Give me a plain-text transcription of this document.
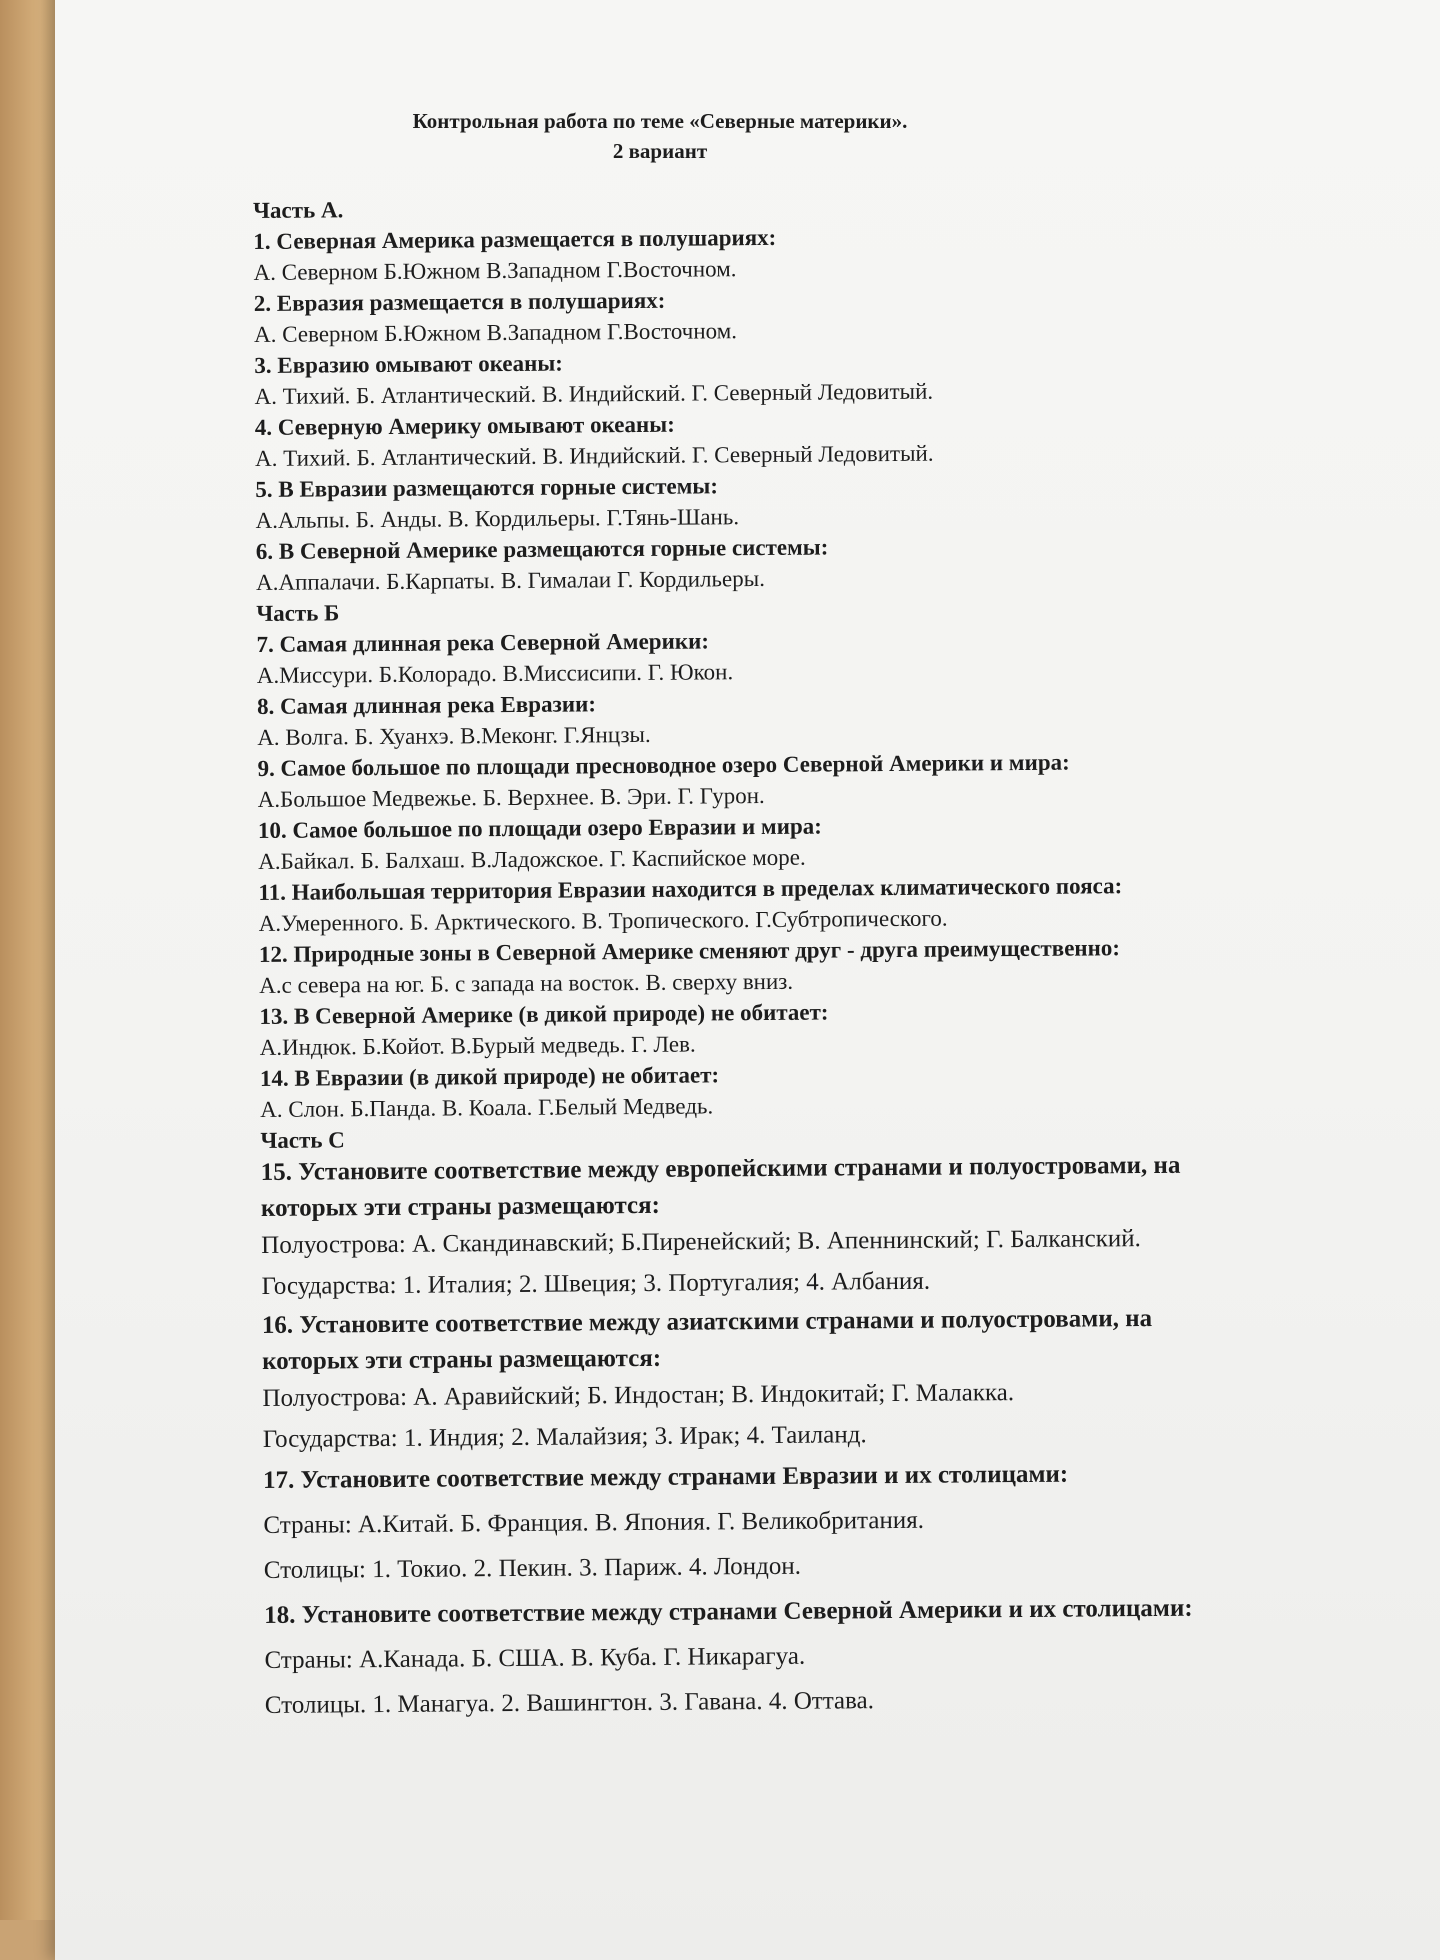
Контрольная работа по теме «Северные материки».
2 вариант
Часть А.
1. Северная Америка размещается в полушариях:
А. Северном Б.Южном В.Западном Г.Восточном.
2. Евразия размещается в полушариях:
А. Северном Б.Южном В.Западном Г.Восточном.
3. Евразию омывают океаны:
А. Тихий. Б. Атлантический. В. Индийский. Г. Северный Ледовитый.
4. Северную Америку омывают океаны:
А. Тихий. Б. Атлантический. В. Индийский. Г. Северный Ледовитый.
5. В Евразии размещаются горные системы:
А.Альпы. Б. Анды. В. Кордильеры. Г.Тянь-Шань.
6. В Северной Америке размещаются горные системы:
А.Аппалачи. Б.Карпаты. В. Гималаи Г. Кордильеры.
Часть Б
7. Самая длинная река Северной Америки:
А.Миссури. Б.Колорадо. В.Миссисипи. Г. Юкон.
8. Самая длинная река Евразии:
А. Волга. Б. Хуанхэ. В.Меконг. Г.Янцзы.
9. Самое большое по площади пресноводное озеро Северной Америки и мира:
А.Большое Медвежье. Б. Верхнее. В. Эри. Г. Гурон.
10. Самое большое по площади озеро Евразии и мира:
А.Байкал. Б. Балхаш. В.Ладожское. Г. Каспийское море.
11. Наибольшая территория Евразии находится в пределах климатического пояса:
А.Умеренного. Б. Арктического. В. Тропического. Г.Субтропического.
12. Природные зоны в Северной Америке сменяют друг - друга преимущественно:
А.с севера на юг. Б. с запада на восток. В. сверху вниз.
13. В Северной Америке (в дикой природе) не обитает:
А.Индюк. Б.Койот. В.Бурый медведь. Г. Лев.
14. В Евразии (в дикой природе) не обитает:
А. Слон. Б.Панда. В. Коала. Г.Белый Медведь.
Часть С
15. Установите соответствие между европейскими странами и полуостровами, на
которых эти страны размещаются:
Полуострова: А. Скандинавский; Б.Пиренейский; В. Апеннинский; Г. Балканский.
Государства: 1. Италия; 2. Швеция; 3. Португалия; 4. Албания.
16. Установите соответствие между азиатскими странами и полуостровами, на
которых эти страны размещаются:
Полуострова: А. Аравийский; Б. Индостан; В. Индокитай; Г. Малакка.
Государства: 1. Индия; 2. Малайзия; 3. Ирак; 4. Таиланд.
17. Установите соответствие между странами Евразии и их столицами:
Страны: А.Китай. Б. Франция. В. Япония. Г. Великобритания.
Столицы: 1. Токио. 2. Пекин. 3. Париж. 4. Лондон.
18. Установите соответствие между странами Северной Америки и их столицами:
Страны: А.Канада. Б. США. В. Куба. Г. Никарагуа.
Столицы. 1. Манагуа. 2. Вашингтон. 3. Гавана. 4. Оттава.
